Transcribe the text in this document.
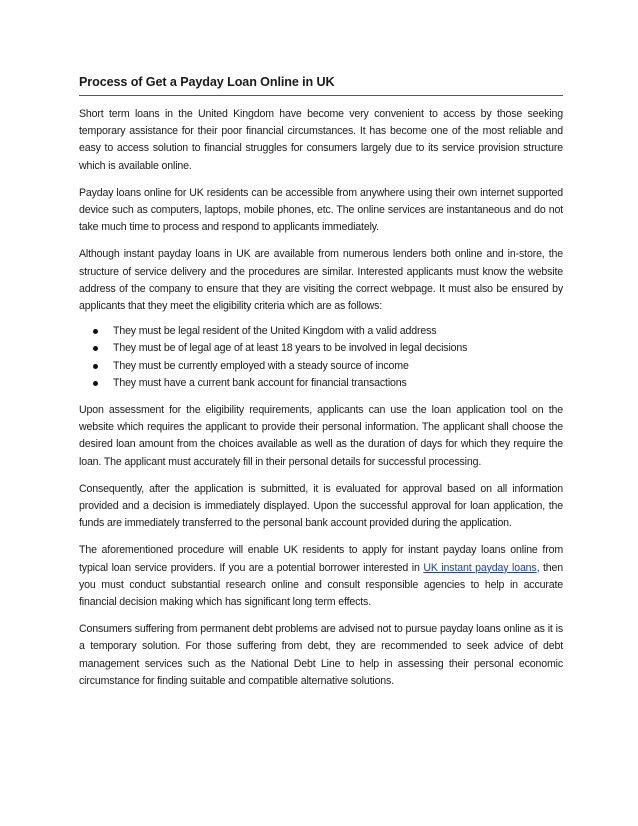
Process of Get a Payday Loan Online in UK

Short term loans in the United Kingdom have become very convenient to access by those seeking temporary assistance for their poor financial circumstances. It has become one of the most reliable and easy to access solution to financial struggles for consumers largely due to its service provision structure which is available online.

Payday loans online for UK residents can be accessible from anywhere using their own internet supported device such as computers, laptops, mobile phones, etc. The online services are instantaneous and do not take much time to process and respond to applicants immediately.

Although instant payday loans in UK are available from numerous lenders both online and in-store, the structure of service delivery and the procedures are similar. Interested applicants must know the website address of the company to ensure that they are visiting the correct webpage. It must also be ensured by applicants that they meet the eligibility criteria which are as follows:

They must be legal resident of the United Kingdom with a valid address
They must be of legal age of at least 18 years to be involved in legal decisions
They must be currently employed with a steady source of income
They must have a current bank account for financial transactions

Upon assessment for the eligibility requirements, applicants can use the loan application tool on the website which requires the applicant to provide their personal information. The applicant shall choose the desired loan amount from the choices available as well as the duration of days for which they require the loan. The applicant must accurately fill in their personal details for successful processing.

Consequently, after the application is submitted, it is evaluated for approval based on all information provided and a decision is immediately displayed. Upon the successful approval for loan application, the funds are immediately transferred to the personal bank account provided during the application.

The aforementioned procedure will enable UK residents to apply for instant payday loans online from typical loan service providers. If you are a potential borrower interested in UK instant payday loans, then you must conduct substantial research online and consult responsible agencies to help in accurate financial decision making which has significant long term effects.

Consumers suffering from permanent debt problems are advised not to pursue payday loans online as it is a temporary solution. For those suffering from debt, they are recommended to seek advice of debt management services such as the National Debt Line to help in assessing their personal economic circumstance for finding suitable and compatible alternative solutions.
